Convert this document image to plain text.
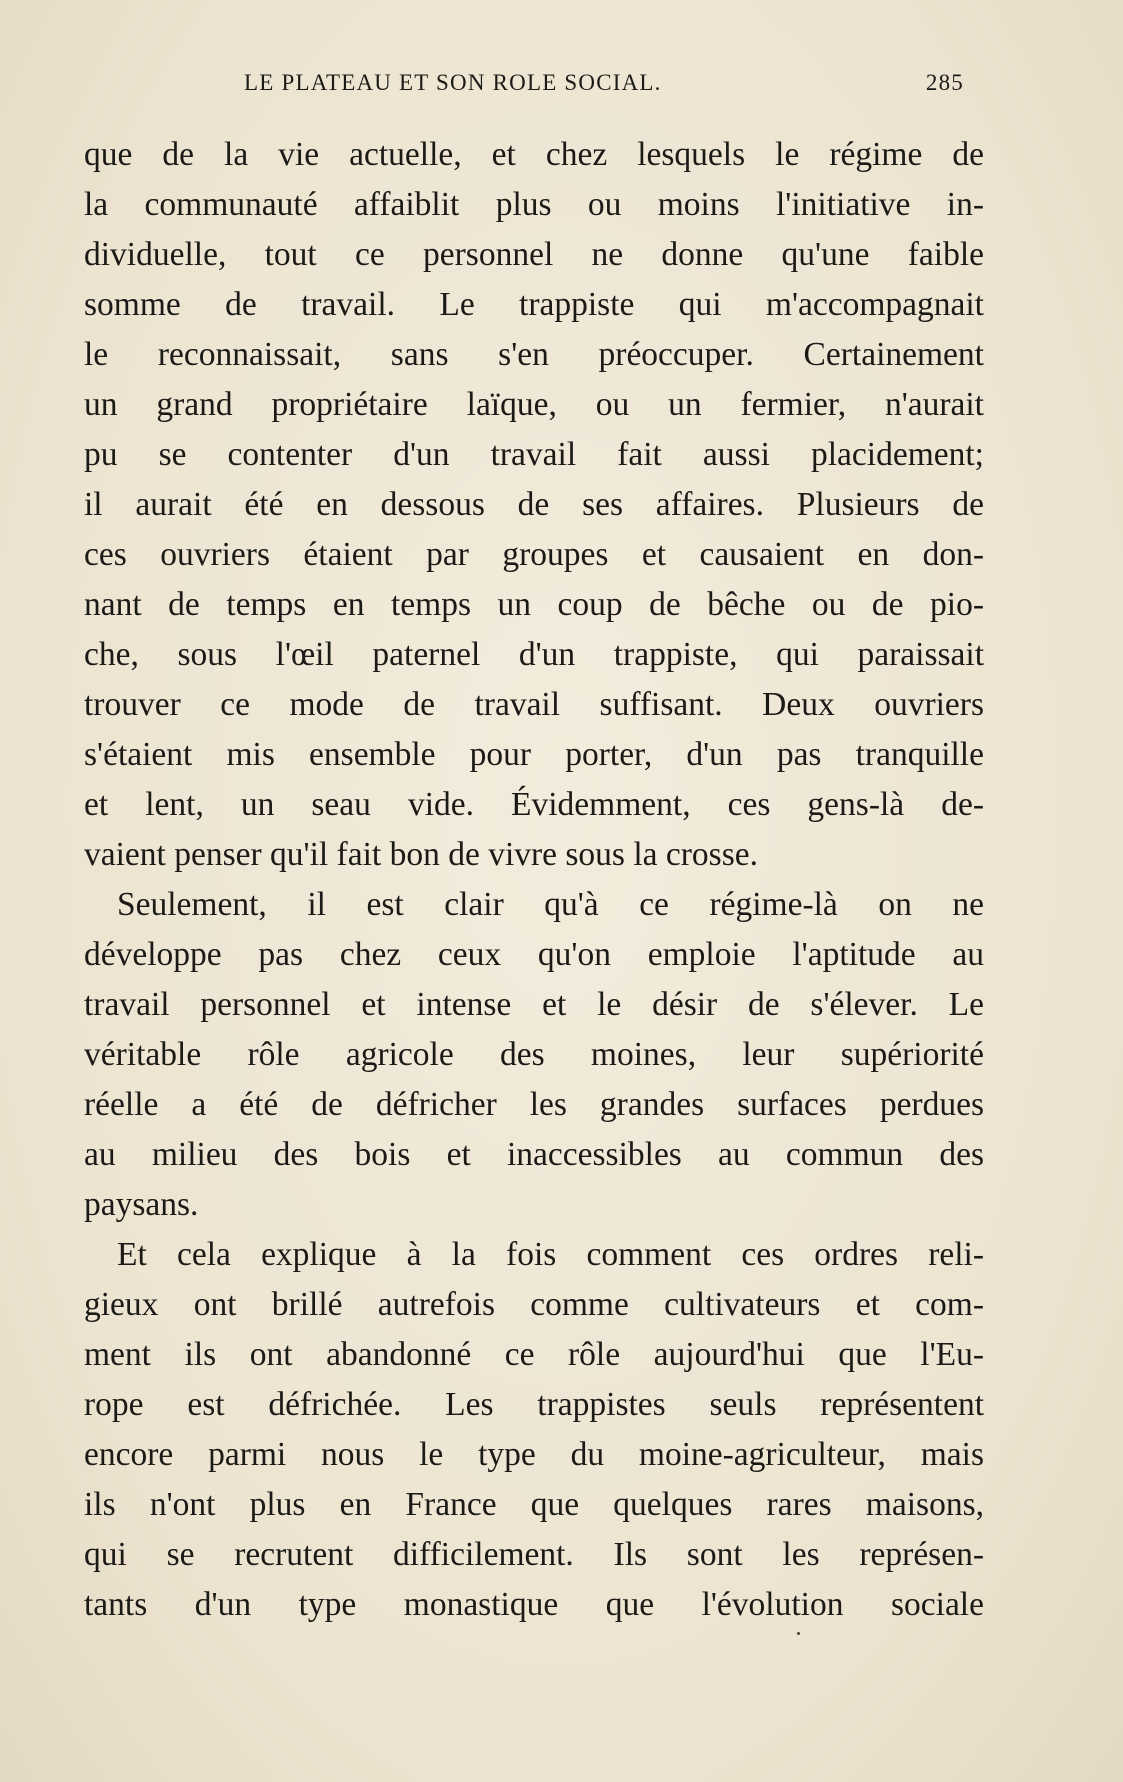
LE PLATEAU ET SON ROLE SOCIAL.	285
que de la vie actuelle, et chez lesquels le régime de
la communauté affaiblit plus ou moins l'initiative in-
dividuelle, tout ce personnel ne donne qu'une faible
somme de travail. Le trappiste qui m'accompagnait
le reconnaissait, sans s'en préoccuper. Certainement
un grand propriétaire laïque, ou un fermier, n'aurait
pu se contenter d'un travail fait aussi placidement;
il aurait été en dessous de ses affaires. Plusieurs de
ces ouvriers étaient par groupes et causaient en don-
nant de temps en temps un coup de bêche ou de pio-
che, sous l'œil paternel d'un trappiste, qui paraissait
trouver ce mode de travail suffisant. Deux ouvriers
s'étaient mis ensemble pour porter, d'un pas tranquille
et lent, un seau vide. Évidemment, ces gens-là de-
vaient penser qu'il fait bon de vivre sous la crosse.
Seulement, il est clair qu'à ce régime-là on ne
développe pas chez ceux qu'on emploie l'aptitude au
travail personnel et intense et le désir de s'élever. Le
véritable rôle agricole des moines, leur supériorité
réelle a été de défricher les grandes surfaces perdues
au milieu des bois et inaccessibles au commun des
paysans.
Et cela explique à la fois comment ces ordres reli-
gieux ont brillé autrefois comme cultivateurs et com-
ment ils ont abandonné ce rôle aujourd'hui que l'Eu-
rope est défrichée. Les trappistes seuls représentent
encore parmi nous le type du moine-agriculteur, mais
ils n'ont plus en France que quelques rares maisons,
qui se recrutent difficilement. Ils sont les représen-
tants d'un type monastique que l'évolution sociale
